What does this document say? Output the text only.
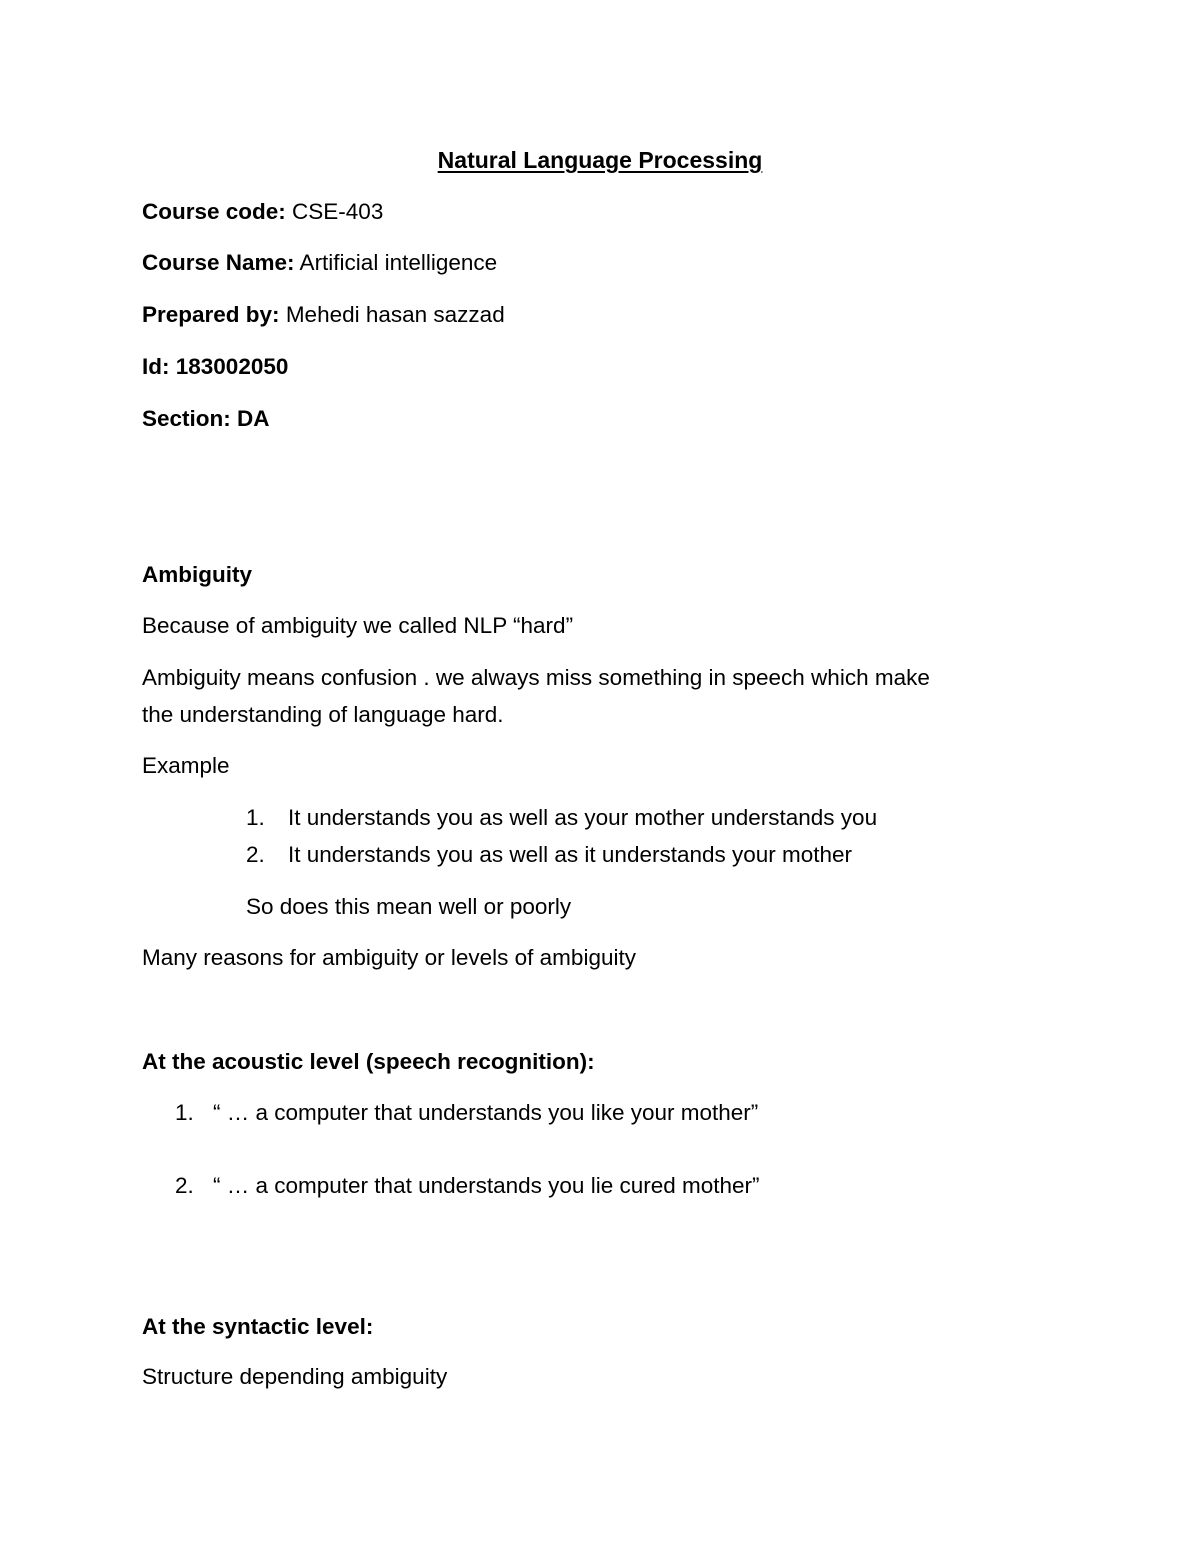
Natural Language Processing
Course code: CSE-403
Course Name: Artificial intelligence
Prepared by: Mehedi hasan sazzad
Id: 183002050
Section: DA
Ambiguity
Because of ambiguity we called NLP “hard”
Ambiguity means confusion . we always miss something in speech which make
the understanding of language hard.
Example
1. It understands you as well as your mother understands you
2. It understands you as well as it understands your mother
So does this mean well or poorly
Many reasons for ambiguity or levels of ambiguity
At the acoustic level (speech recognition):
1. “ … a computer that understands you like your mother”
2. “ … a computer that understands you lie cured mother”
At the syntactic level:
Structure depending ambiguity
